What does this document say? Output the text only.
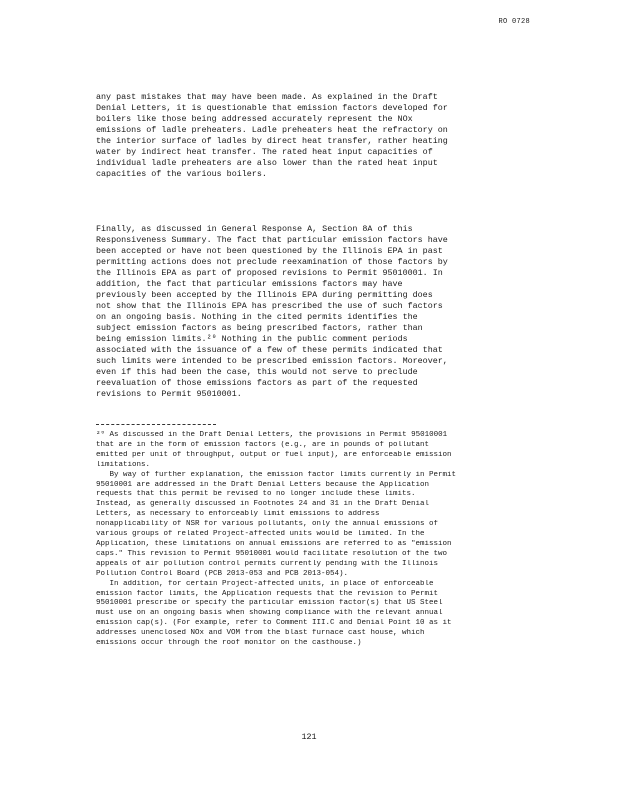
RO 0728
any past mistakes that may have been made. As explained in the Draft
Denial Letters, it is questionable that emission factors developed for
boilers like those being addressed accurately represent the NOx
emissions of ladle preheaters. Ladle preheaters heat the refractory on
the interior surface of ladles by direct heat transfer, rather heating
water by indirect heat transfer. The rated heat input capacities of
individual ladle preheaters are also lower than the rated heat input
capacities of the various boilers.
Finally, as discussed in General Response A, Section 8A of this
Responsiveness Summary. The fact that particular emission factors have
been accepted or have not been questioned by the Illinois EPA in past
permitting actions does not preclude reexamination of those factors by
the Illinois EPA as part of proposed revisions to Permit 95010001. In
addition, the fact that particular emissions factors may have
previously been accepted by the Illinois EPA during permitting does
not show that the Illinois EPA has prescribed the use of such factors
on an ongoing basis. Nothing in the cited permits identifies the
subject emission factors as being prescribed factors, rather than
being emission limits.²⁰ Nothing in the public comment periods
associated with the issuance of a few of these permits indicated that
such limits were intended to be prescribed emission factors. Moreover,
even if this had been the case, this would not serve to preclude
reevaluation of those emissions factors as part of the requested
revisions to Permit 95010001.
²⁰ As discussed in the Draft Denial Letters, the provisions in Permit 95010001
that are in the form of emission factors (e.g., are in pounds of pollutant
emitted per unit of throughput, output or fuel input), are enforceable emission
limitations.
By way of further explanation, the emission factor limits currently in Permit
95010001 are addressed in the Draft Denial Letters because the Application
requests that this permit be revised to no longer include these limits.
Instead, as generally discussed in Footnotes 24 and 31 in the Draft Denial
Letters, as necessary to enforceably limit emissions to address
nonapplicability of NSR for various pollutants, only the annual emissions of
various groups of related Project-affected units would be limited. In the
Application, these limitations on annual emissions are referred to as "emission
caps." This revision to Permit 95010001 would facilitate resolution of the two
appeals of air pollution control permits currently pending with the Illinois
Pollution Control Board (PCB 2013-053 and PCB 2013-054).
In addition, for certain Project-affected units, in place of enforceable
emission factor limits, the Application requests that the revision to Permit
95010001 prescribe or specify the particular emission factor(s) that US Steel
must use on an ongoing basis when showing compliance with the relevant annual
emission cap(s). (For example, refer to Comment III.C and Denial Point 10 as it
addresses unenclosed NOx and VOM from the blast furnace cast house, which
emissions occur through the roof monitor on the casthouse.)
121
